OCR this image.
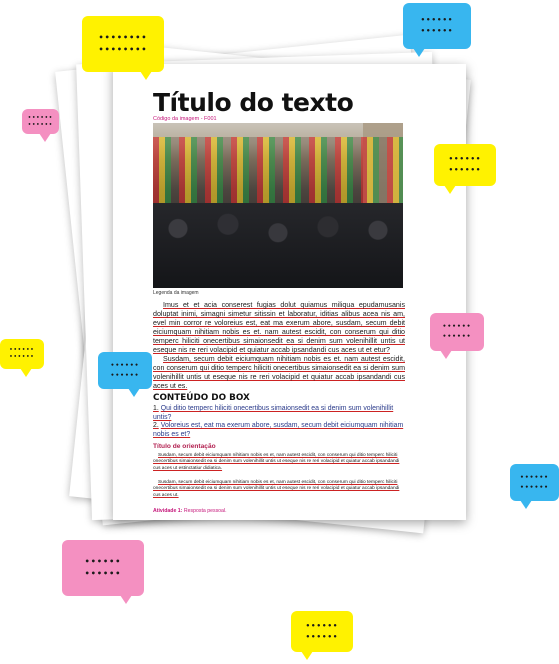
Título do texto
Código da imagem - F001
Legenda da imagem

Imus et et acia conserest fugias dolut quiamus miliqua epudamusanis doluptat inimi, simagni simetur sitissin et laboratur, iditias alibus acea nis am, evel min corror re voloreius est, eat ma exerum abore, susdam, secum debit eiciumquam nihitiam nobis es et. nam autest escidit, con conserum qui ditio temperc hiliciti onecertibus simaionsedit ea si denim sum volenihillit untis ut eseque nis re reri volacipid et quiatur accab ipsandandi cus aces ut et etur?

Susdam, secum debit eiciumquam nihitiam nobis es et. nam autest escidit, con conserum qui ditio temperc hiliciti onecertibus simaionsedit ea si denim sum volenihillit untis ut eseque nis re reri volacipid et quiatur accab ipsandandi cus aces ut es.

CONTEÚDO DO BOX
1. Qui ditio temperc hiliciti onecertibus simaionsedit ea si denim sum volenihillit untis?
2. Voloreius est, eat ma exerum abore, susdam, secum debit eiciumquam nihitiam nobis es et?
Título de orientação

Susdam, secum debit eiciumquam nihitiam nobis es et, nam autest escidit, con conserum qui ditio temperc hiliciti onecertibus simaionsedit ea si denim sum volenihillit untis ut eseque nis re reri volacipid et quiatur accab ipsandandi cus aces ut estinctatiur didiatica.

Susdam, secum debit eiciumquam nihitiam nobis es et, nam autest escidit, con conserum qui ditio temperc hiliciti onecertibus simaionsedit ea si denim sum volenihillit untis ut eseque nis re reri volacipid et quiatur accab ipsandandi cus aces ut.

Atividade 1: Resposta pessoal.
••••••••
••••••••
••••••
••••••
••••••
••••••
••••••
••••••
••••••
••••••
••••••
••••••
••••••
••••••
••••••
••••••
••••••
••••••
••••••
••••••
